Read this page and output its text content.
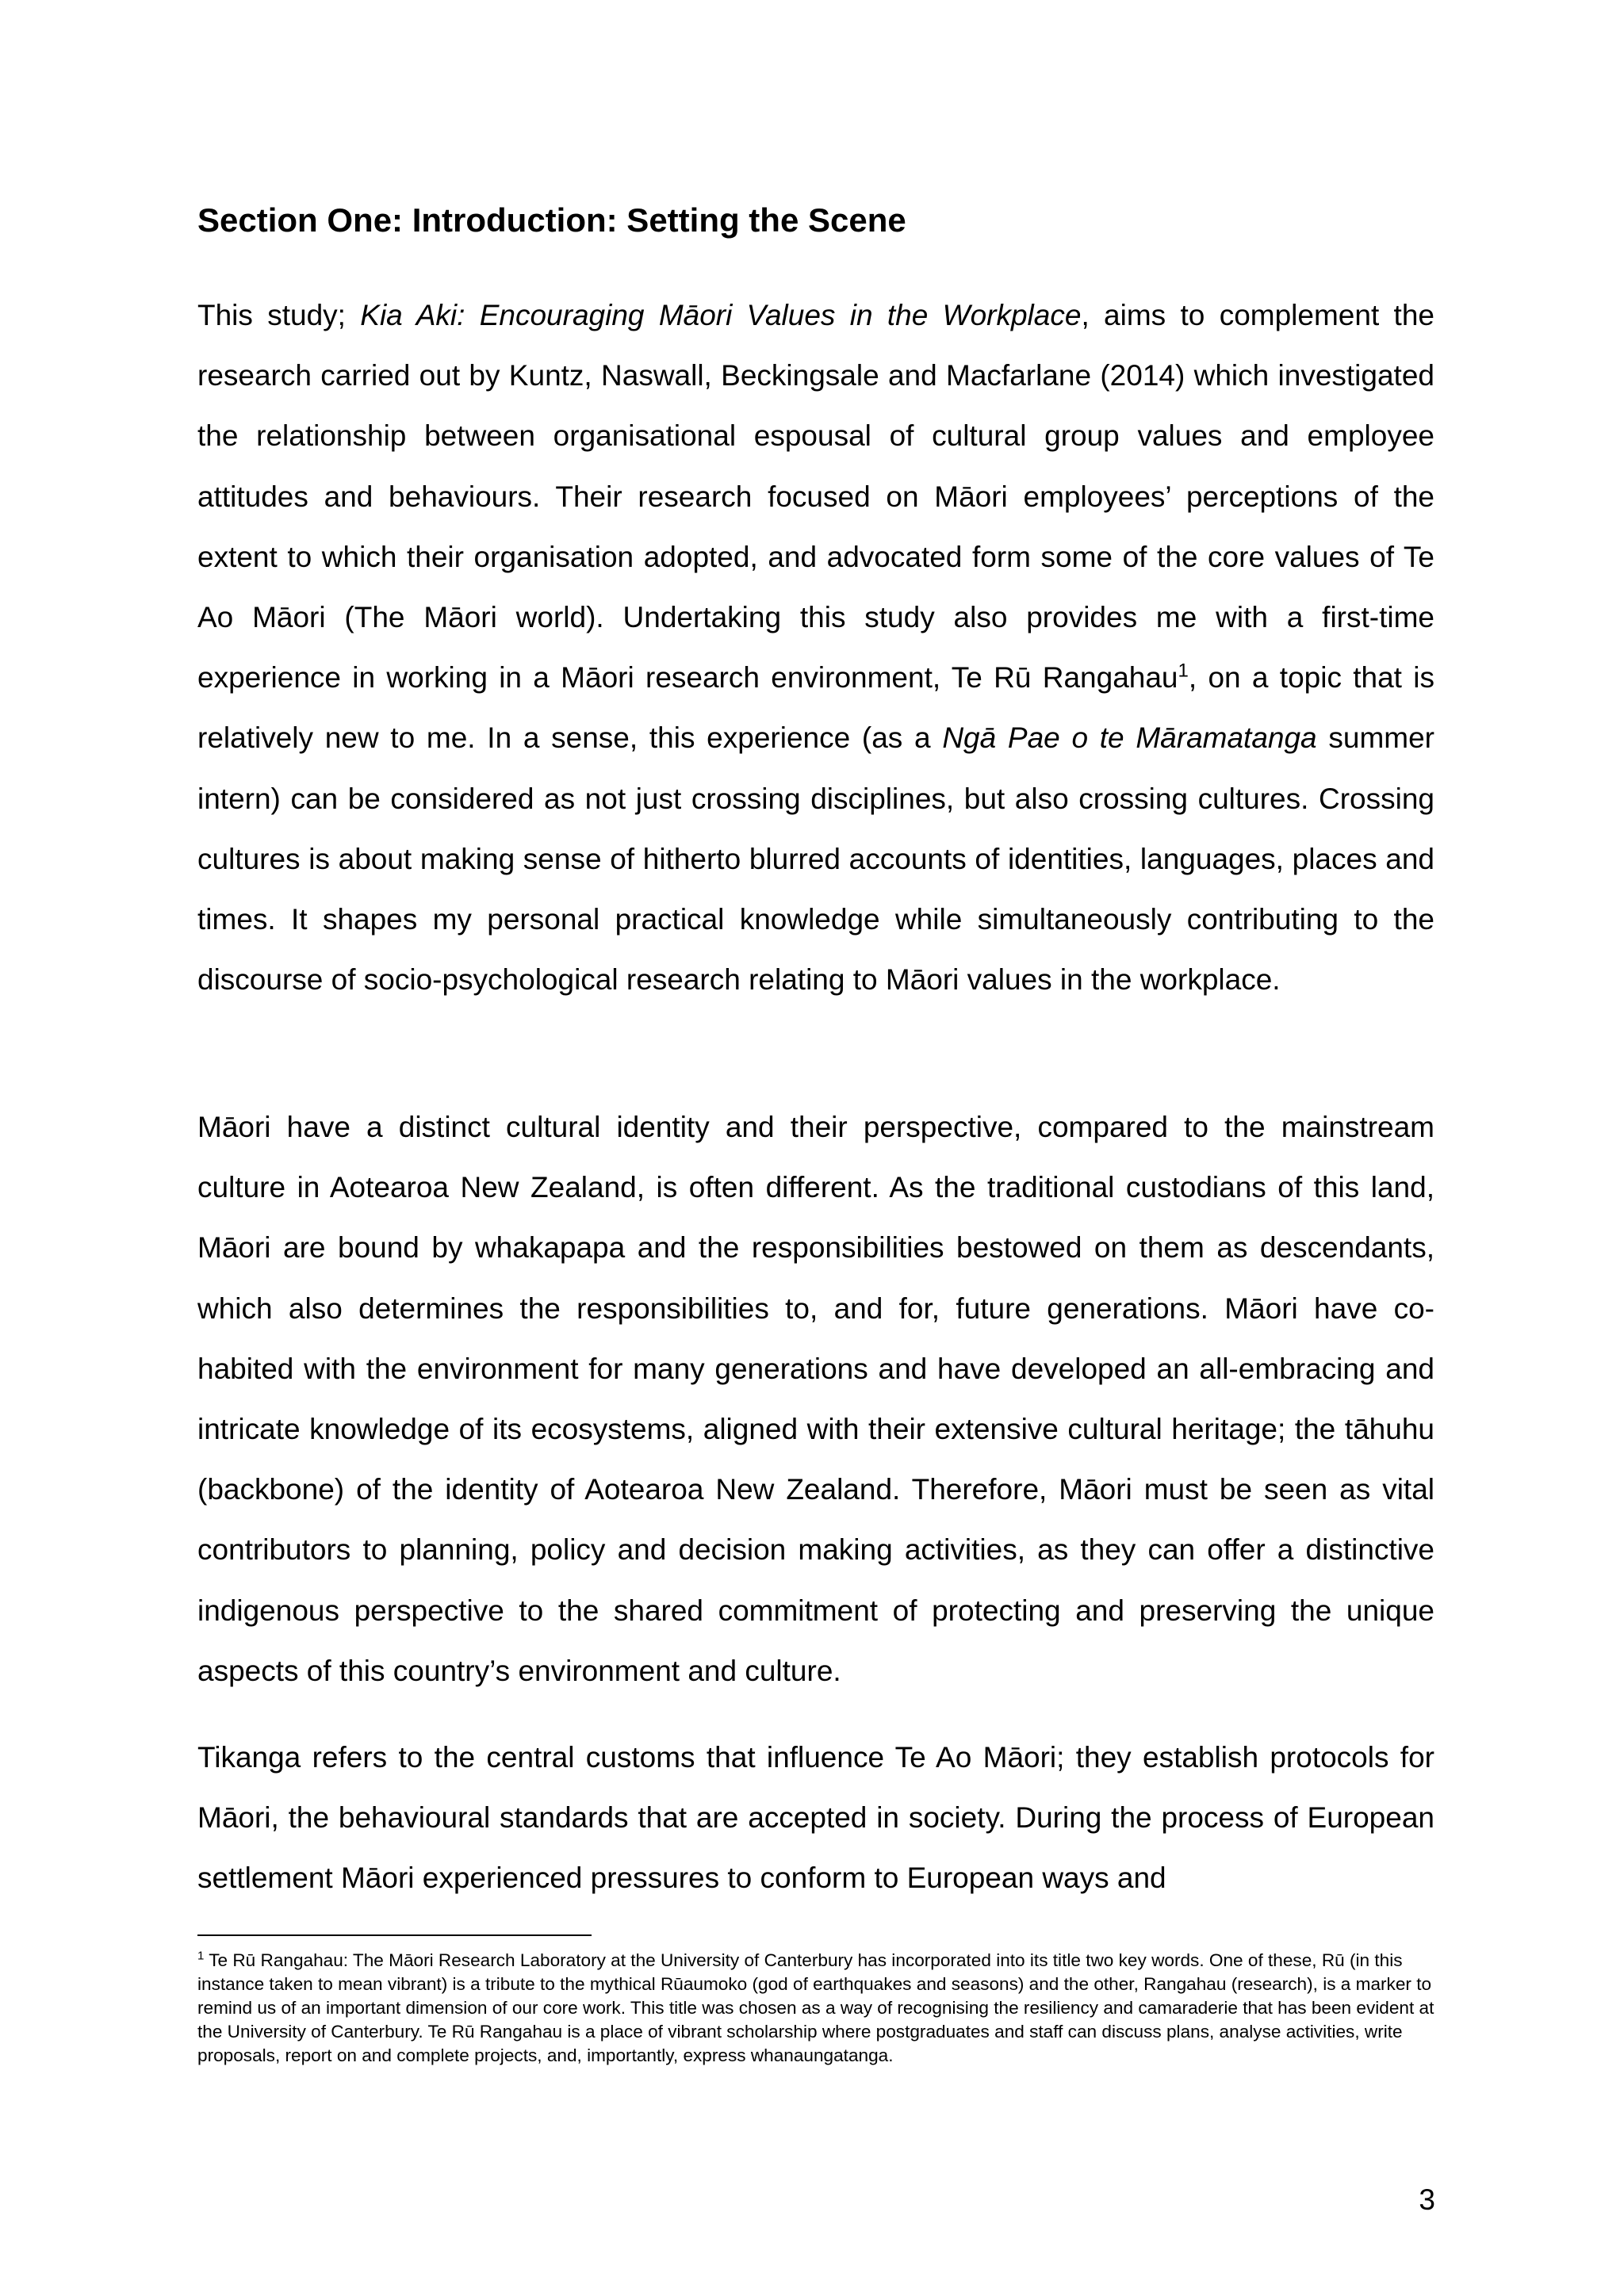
Section One: Introduction: Setting the Scene

This study; Kia Aki: Encouraging Māori Values in the Workplace, aims to complement the research carried out by Kuntz, Naswall, Beckingsale and Macfarlane (2014) which investigated the relationship between organisational espousal of cultural group values and employee attitudes and behaviours. Their research focused on Māori employees’ perceptions of the extent to which their organisation adopted, and advocated form some of the core values of Te Ao Māori (The Māori world). Undertaking this study also provides me with a first-time experience in working in a Māori research environment, Te Rū Rangahau$^1$, on a topic that is relatively new to me. In a sense, this experience (as a Ngā Pae o te Māramatanga summer intern) can be considered as not just crossing disciplines, but also crossing cultures. Crossing cultures is about making sense of hitherto blurred accounts of identities, languages, places and times. It shapes my personal practical knowledge while simultaneously contributing to the discourse of socio-psychological research relating to Māori values in the workplace.

Māori have a distinct cultural identity and their perspective, compared to the mainstream culture in Aotearoa New Zealand, is often different. As the traditional custodians of this land, Māori are bound by whakapapa and the responsibilities bestowed on them as descendants, which also determines the responsibilities to, and for, future generations. Māori have co-habited with the environment for many generations and have developed an all-embracing and intricate knowledge of its ecosystems, aligned with their extensive cultural heritage; the tāhuhu (backbone) of the identity of Aotearoa New Zealand. Therefore, Māori must be seen as vital contributors to planning, policy and decision making activities, as they can offer a distinctive indigenous perspective to the shared commitment of protecting and preserving the unique aspects of this country’s environment and culture.

Tikanga refers to the central customs that influence Te Ao Māori; they establish protocols for Māori, the behavioural standards that are accepted in society. During the process of European settlement Māori experienced pressures to conform to European ways and

$^1$ Te Rū Rangahau: The Māori Research Laboratory at the University of Canterbury has incorporated into its title two key words. One of these, Rū (in this instance taken to mean vibrant) is a tribute to the mythical Rūaumoko (god of earthquakes and seasons) and the other, Rangahau (research), is a marker to remind us of an important dimension of our core work. This title was chosen as a way of recognising the resiliency and camaraderie that has been evident at the University of Canterbury. Te Rū Rangahau is a place of vibrant scholarship where postgraduates and staff can discuss plans, analyse activities, write proposals, report on and complete projects, and, importantly, express whanaungatanga.

3
